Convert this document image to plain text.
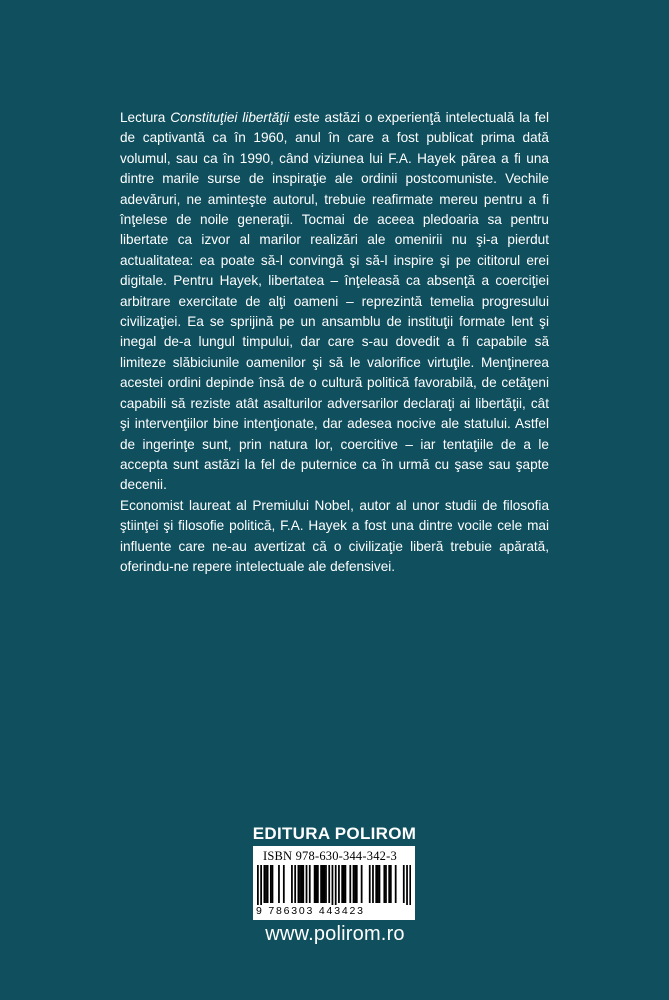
Lectura Constituţiei libertăţii este astăzi o experienţă intelectuală la fel de captivantă ca în 1960, anul în care a fost publicat prima dată volumul, sau ca în 1990, când viziunea lui F.A. Hayek părea a fi una dintre marile surse de inspiraţie ale ordinii postcomuniste. Vechile adevăruri, ne aminteşte autorul, trebuie reafirmate mereu pentru a fi înţelese de noile generaţii. Tocmai de aceea pledoaria sa pentru libertate ca izvor al marilor realizări ale omenirii nu şi-a pierdut actualitatea: ea poate să-l convingă şi să-l inspire şi pe cititorul erei digitale. Pentru Hayek, libertatea – înţeleasă ca absenţă a coerciţiei arbitrare exercitate de alţi oameni – reprezintă temelia progresului civilizaţiei. Ea se sprijină pe un ansamblu de instituţii formate lent şi inegal de-a lungul timpului, dar care s-au dovedit a fi capabile să limiteze slăbiciunile oamenilor şi să le valorifice virtuţile. Menţinerea acestei ordini depinde însă de o cultură politică favorabilă, de cetăţeni capabili să reziste atât asalturilor adversarilor declaraţi ai libertăţii, cât şi intervenţiilor bine intenţionate, dar adesea nocive ale statului. Astfel de ingerinţe sunt, prin natura lor, coercitive – iar tentaţiile de a le accepta sunt astăzi la fel de puternice ca în urmă cu şase sau şapte decenii.

Economist laureat al Premiului Nobel, autor al unor studii de filosofia ştiinţei şi filosofie politică, F.A. Hayek a fost una dintre vocile cele mai influente care ne-au avertizat că o civilizaţie liberă trebuie apărată, oferindu-ne repere intelectuale ale defensivei.

EDITURA POLIROM
ISBN 978-630-344-342-3
9 786303 443423
www.polirom.ro
